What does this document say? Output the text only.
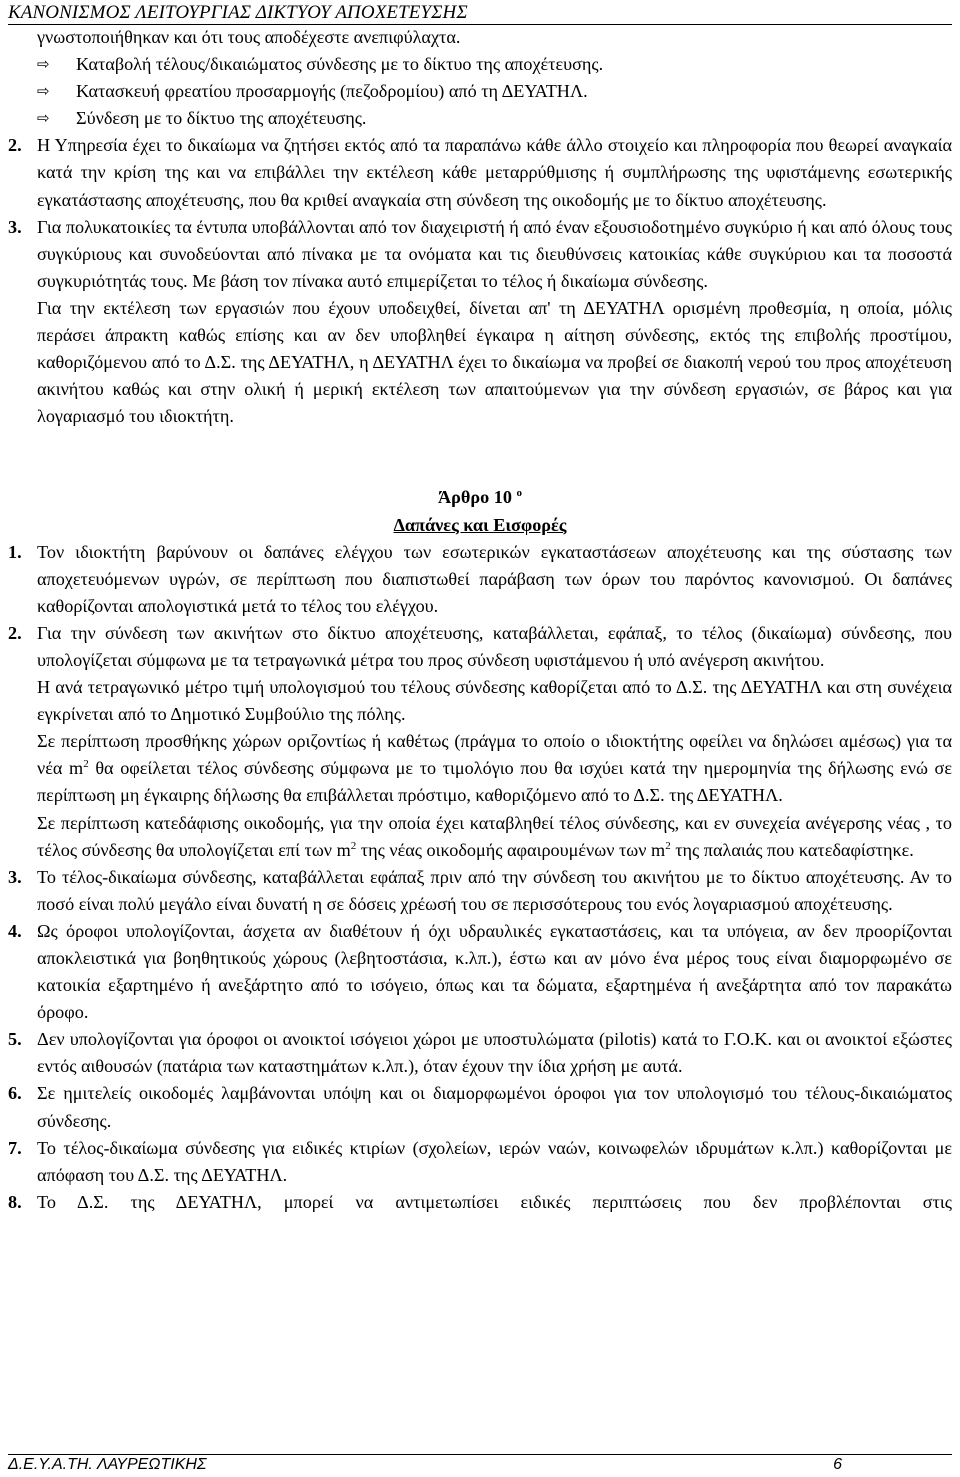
ΚΑΝΟΝΙΣΜΟΣ ΛΕΙΤΟΥΡΓΙΑΣ ΔΙΚΤΥΟΥ ΑΠΟΧΕΤΕΥΣΗΣ

γνωστοποιήθηκαν και ότι τους αποδέχεστε ανεπιφύλαχτα.

⇨	Καταβολή τέλους/δικαιώματος σύνδεσης με το δίκτυο της αποχέτευσης.
⇨	Κατασκευή φρεατίου προσαρμογής (πεζοδρομίου) από τη ΔΕΥΑΤΗΛ.
⇨	Σύνδεση με το δίκτυο της αποχέτευσης.
2. Η Υπηρεσία έχει το δικαίωμα να ζητήσει εκτός από τα παραπάνω κάθε άλλο στοιχείο και πληροφορία που θεωρεί αναγκαία κατά την κρίση της και να επιβάλλει την εκτέλεση κάθε μεταρρύθμισης ή συμπλήρωσης της υφιστάμενης εσωτερικής εγκατάστασης αποχέτευσης, που θα κριθεί αναγκαία στη σύνδεση της οικοδομής με το δίκτυο αποχέτευσης.
3. Για πολυκατοικίες τα έντυπα υποβάλλονται από τον διαχειριστή ή από έναν εξουσιοδοτημένο συγκύριο ή και από όλους τους συγκύριους και συνοδεύονται από πίνακα με τα ονόματα και τις διευθύνσεις κατοικίας κάθε συγκύριου και τα ποσοστά συγκυριότητάς τους. Με βάση τον πίνακα αυτό επιμερίζεται το τέλος ή δικαίωμα σύνδεσης.

Για την εκτέλεση των εργασιών που έχουν υποδειχθεί, δίνεται απ' τη ΔΕΥΑΤΗΛ ορισμένη προθεσμία, η οποία, μόλις περάσει άπρακτη καθώς επίσης και αν δεν υποβληθεί έγκαιρα η αίτηση σύνδεσης, εκτός της επιβολής προστίμου, καθοριζόμενου από το Δ.Σ. της ΔΕΥΑΤΗΛ, η ΔΕΥΑΤΗΛ έχει το δικαίωμα να προβεί σε διακοπή νερού του προς αποχέτευση ακινήτου καθώς και στην ολική ή μερική εκτέλεση των απαιτούμενων για την σύνδεση εργασιών, σε βάρος και για λογαριασμό του ιδιοκτήτη.

Άρθρο 10 $^o$

Δαπάνες και Εισφορές

1. Τον ιδιοκτήτη βαρύνουν οι δαπάνες ελέγχου των εσωτερικών εγκαταστάσεων αποχέτευσης και της σύστασης των αποχετευόμενων υγρών, σε περίπτωση που διαπιστωθεί παράβαση των όρων του παρόντος κανονισμού. Οι δαπάνες καθορίζονται απολογιστικά μετά το τέλος του ελέγχου.
2. Για την σύνδεση των ακινήτων στο δίκτυο αποχέτευσης, καταβάλλεται, εφάπαξ, το τέλος (δικαίωμα) σύνδεσης, που υπολογίζεται σύμφωνα με τα τετραγωνικά μέτρα του προς σύνδεση υφιστάμενου ή υπό ανέγερση ακινήτου.

Η ανά τετραγωνικό μέτρο τιμή υπολογισμού του τέλους σύνδεσης καθορίζεται από το Δ.Σ. της ΔΕΥΑΤΗΛ και στη συνέχεια εγκρίνεται από το Δημοτικό Συμβούλιο της πόλης.

Σε περίπτωση προσθήκης χώρων οριζοντίως ή καθέτως (πράγμα το οποίο ο ιδιοκτήτης οφείλει να δηλώσει αμέσως) για τα νέα $m^2$ θα οφείλεται τέλος σύνδεσης σύμφωνα με το τιμολόγιο που θα ισχύει κατά την ημερομηνία της δήλωσης ενώ σε περίπτωση μη έγκαιρης δήλωσης θα επιβάλλεται πρόστιμο, καθοριζόμενο από το Δ.Σ. της ΔΕΥΑΤΗΛ.

Σε περίπτωση κατεδάφισης οικοδομής, για την οποία έχει καταβληθεί τέλος σύνδεσης, και εν συνεχεία ανέγερσης νέας , το τέλος σύνδεσης θα υπολογίζεται επί των $m^2$ της νέας οικοδομής αφαιρουμένων των $m^2$ της παλαιάς που κατεδαφίστηκε.

3. Το τέλος-δικαίωμα σύνδεσης, καταβάλλεται εφάπαξ πριν από την σύνδεση του ακινήτου με το δίκτυο αποχέτευσης. Αν το ποσό είναι πολύ μεγάλο είναι δυνατή η σε δόσεις χρέωσή του σε περισσότερους του ενός λογαριασμού αποχέτευσης.
4. Ως όροφοι υπολογίζονται, άσχετα αν διαθέτουν ή όχι υδραυλικές εγκαταστάσεις, και τα υπόγεια, αν δεν προορίζονται αποκλειστικά για βοηθητικούς χώρους (λεβητοστάσια, κ.λπ.), έστω και αν μόνο ένα μέρος τους είναι διαμορφωμένο σε κατοικία εξαρτημένο ή ανεξάρτητο από το ισόγειο, όπως και τα δώματα, εξαρτημένα ή ανεξάρτητα από τον παρακάτω όροφο.
5. Δεν υπολογίζονται για όροφοι οι ανοικτοί ισόγειοι χώροι με υποστυλώματα (pilotis) κατά το Γ.Ο.Κ. και οι ανοικτοί εξώστες εντός αιθουσών (πατάρια των καταστημάτων κ.λπ.), όταν έχουν την ίδια χρήση με αυτά.
6. Σε ημιτελείς οικοδομές λαμβάνονται υπόψη και οι διαμορφωμένοι όροφοι για τον υπολογισμό του τέλους-δικαιώματος σύνδεσης.
7. Το τέλος-δικαίωμα σύνδεσης για ειδικές κτιρίων (σχολείων, ιερών ναών, κοινωφελών ιδρυμάτων κ.λπ.) καθορίζονται με απόφαση του Δ.Σ. της ΔΕΥΑΤΗΛ.
8. Το Δ.Σ. της ΔΕΥΑΤΗΛ, μπορεί να αντιμετωπίσει ειδικές περιπτώσεις που δεν προβλέπονται στις
Δ.Ε.Υ.Α.ΤΗ. ΛΑΥΡΕΩΤΙΚΗΣ	6
